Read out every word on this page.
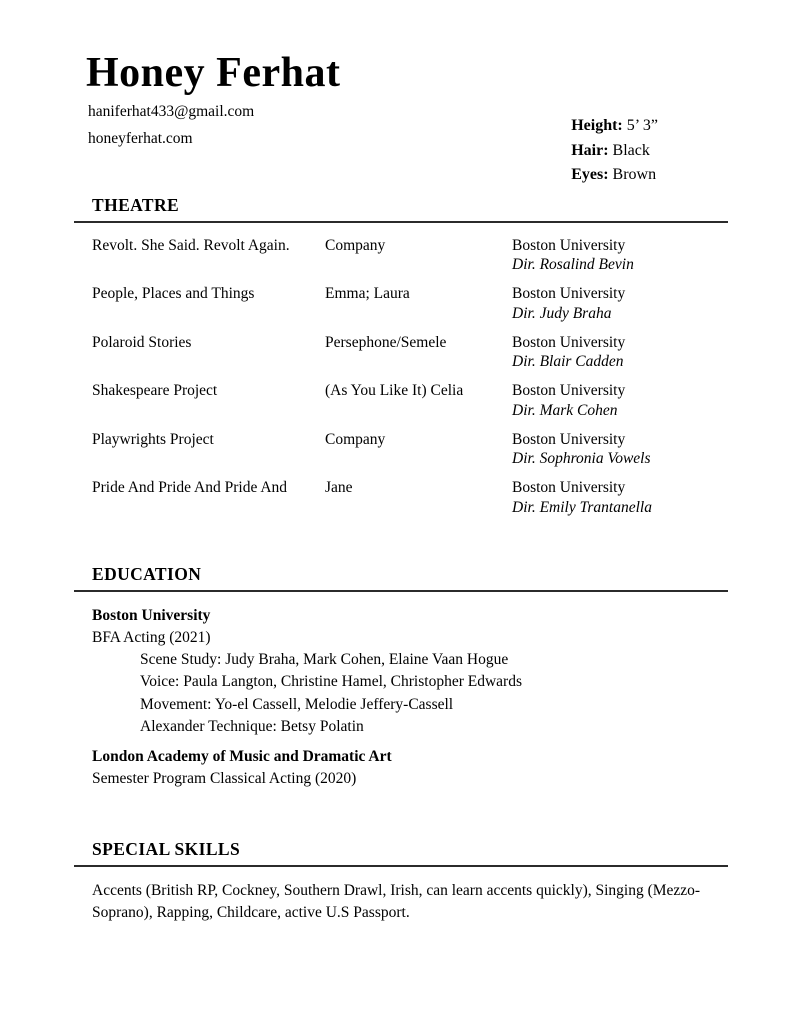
Honey Ferhat
haniferhat433@gmail.com
honeyferhat.com
Height: 5’ 3”
Hair: Black
Eyes: Brown
THEATRE
Revolt. She Said. Revolt Again.	Company	Boston University
Dir. Rosalind Bevin
People, Places and Things	Emma; Laura	Boston University
Dir. Judy Braha
Polaroid Stories	Persephone/Semele	Boston University
Dir. Blair Cadden
Shakespeare Project	(As You Like It) Celia	Boston University
Dir. Mark Cohen
Playwrights Project	Company	Boston University
Dir. Sophronia Vowels
Pride And Pride And Pride And	Jane	Boston University
Dir. Emily Trantanella
EDUCATION
Boston University
BFA Acting (2021)
Scene Study: Judy Braha, Mark Cohen, Elaine Vaan Hogue
Voice: Paula Langton, Christine Hamel, Christopher Edwards
Movement: Yo-el Cassell, Melodie Jeffery-Cassell
Alexander Technique: Betsy Polatin
London Academy of Music and Dramatic Art
Semester Program Classical Acting (2020)
SPECIAL SKILLS
Accents (British RP, Cockney, Southern Drawl, Irish, can learn accents quickly), Singing (Mezzo-Soprano), Rapping, Childcare, active U.S Passport.
